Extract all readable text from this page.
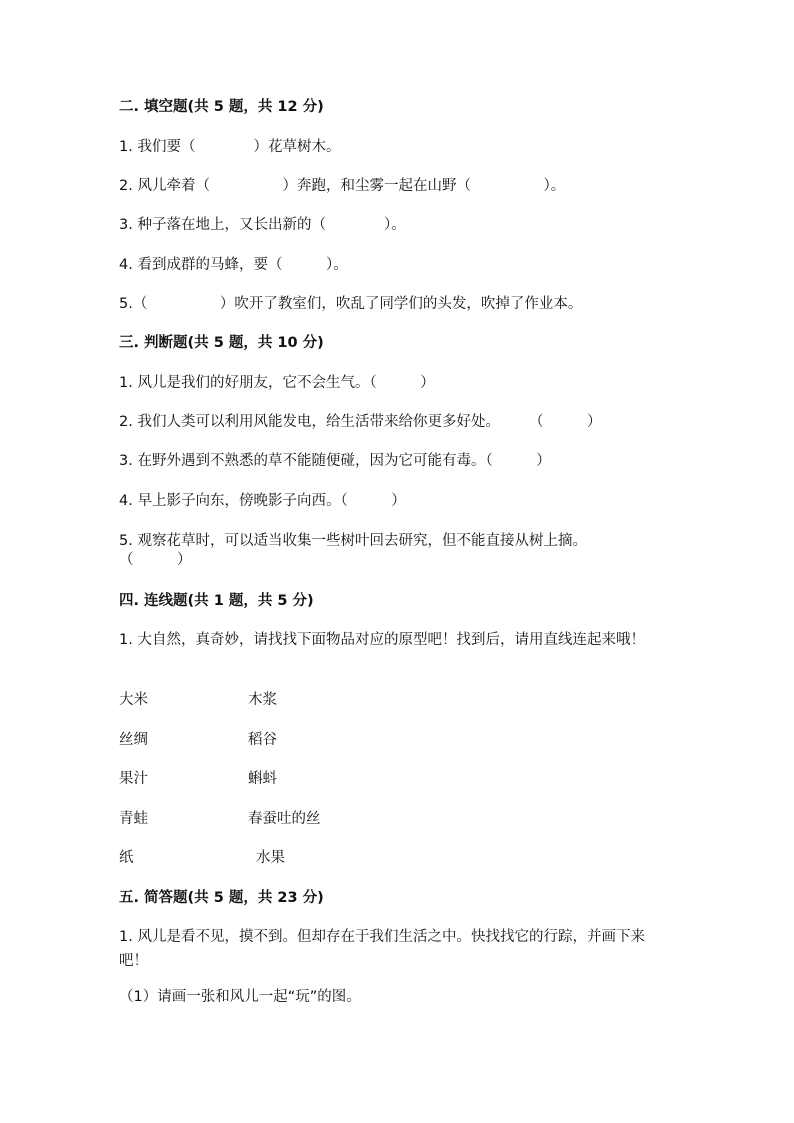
二. 填空题(共 5 题，共 12 分)
1. 我们要（　　　　）花草树木。
2. 风儿牵着（　　　　　）奔跑，和尘雾一起在山野（　　　　　）。
3. 种子落在地上，又长出新的（　　　　）。
4. 看到成群的马蜂，要（　　　）。
5.（　　　　　）吹开了教室们，吹乱了同学们的头发，吹掉了作业本。
三. 判断题(共 5 题，共 10 分)
1. 风儿是我们的好朋友，它不会生气。（　　　）
2. 我们人类可以利用风能发电，给生活带来给你更多好处。　　　（　　　）
3. 在野外遇到不熟悉的草不能随便碰，因为它可能有毒。（　　　）
4. 早上影子向东，傍晚影子向西。（　　　）
5. 观察花草时，可以适当收集一些树叶回去研究，但不能直接从树上摘。
（　　　）
四. 连线题(共 1 题，共 5 分)
1. 大自然，真奇妙，请找找下面物品对应的原型吧！找到后，请用直线连起来哦！
大米	木浆
丝绸	稻谷
果汁	蝌蚪
青蛙	春蚕吐的丝
纸	水果
五. 简答题(共 5 题，共 23 分)
1. 风儿是看不见，摸不到。但却存在于我们生活之中。快找找它的行踪，并画下来吧！
（1）请画一张和风儿一起“玩”的图。
